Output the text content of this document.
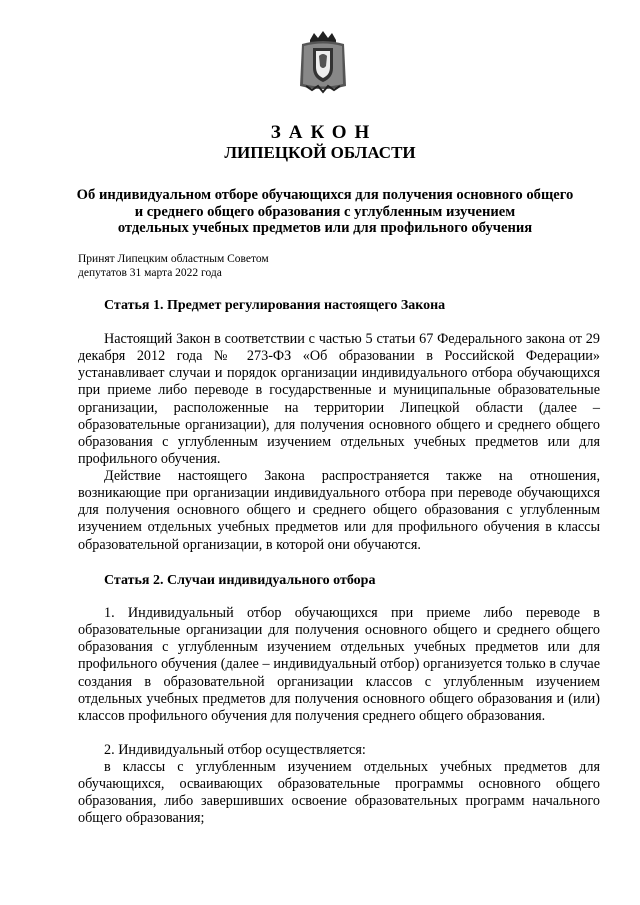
ЗАКОН
ЛИПЕЦКОЙ ОБЛАСТИ
Об индивидуальном отборе обучающихся для получения основного общего
и среднего общего образования с углубленным изучением
отдельных учебных предметов или для профильного обучения
Принят Липецким областным Советом
депутатов 31 марта 2022 года
Статья 1. Предмет регулирования настоящего Закона
Настоящий Закон в соответствии с частью 5 статьи 67 Федерального закона от 29 декабря 2012 года № 273-ФЗ «Об образовании в Российской Федерации» устанавливает случаи и порядок организации индивидуального отбора обучающихся при приеме либо переводе в государственные и муниципальные образовательные организации, расположенные на территории Липецкой области (далее – образовательные организации), для получения основного общего и среднего общего образования с углубленным изучением отдельных учебных предметов или для профильного обучения.
Действие настоящего Закона распространяется также на отношения, возникающие при организации индивидуального отбора при переводе обучающихся для получения основного общего и среднего общего образования с углубленным изучением отдельных учебных предметов или для профильного обучения в классы образовательной организации, в которой они обучаются.
Статья 2. Случаи индивидуального отбора
1. Индивидуальный отбор обучающихся при приеме либо переводе в образовательные организации для получения основного общего и среднего общего образования с углубленным изучением отдельных учебных предметов или для профильного обучения (далее – индивидуальный отбор) организуется только в случае создания в образовательной организации классов с углубленным изучением отдельных учебных предметов для получения основного общего образования и (или) классов профильного обучения для получения среднего общего образования.
2. Индивидуальный отбор осуществляется:
в классы с углубленным изучением отдельных учебных предметов для обучающихся, осваивающих образовательные программы основного общего образования, либо завершивших освоение образовательных программ начального общего образования;
